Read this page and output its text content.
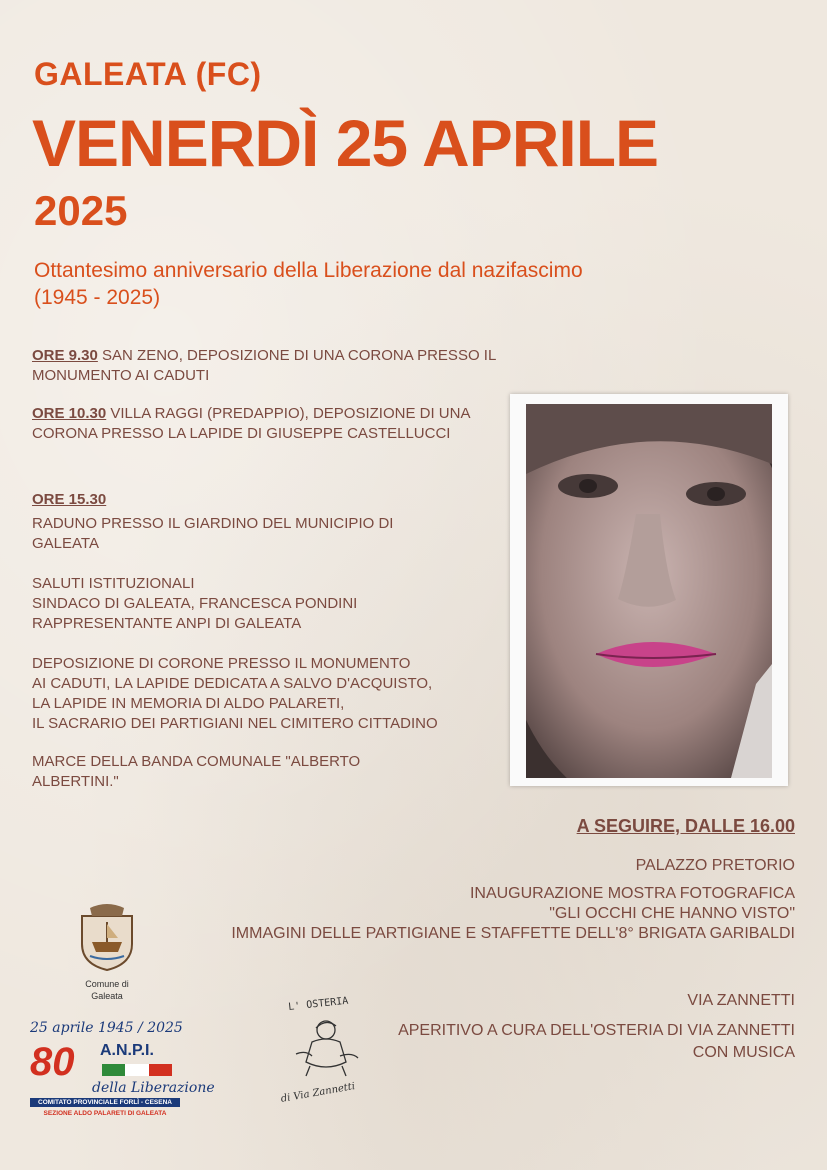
GALEATA (FC)
VENERDÌ 25 APRILE
2025
Ottantesimo anniversario della Liberazione dal nazifascimo
(1945 - 2025)
ORE 9.30 SAN ZENO, DEPOSIZIONE DI UNA CORONA PRESSO IL MONUMENTO AI CADUTI
ORE 10.30 VILLA RAGGI (PREDAPPIO), DEPOSIZIONE DI UNA CORONA PRESSO LA LAPIDE DI GIUSEPPE CASTELLUCCI
ORE 15.30
RADUNO PRESSO IL GIARDINO DEL MUNICIPIO DI GALEATA
SALUTI ISTITUZIONALI
SINDACO DI GALEATA, FRANCESCA PONDINI
RAPPRESENTANTE ANPI DI GALEATA
DEPOSIZIONE DI CORONE PRESSO IL MONUMENTO
AI CADUTI, LA LAPIDE DEDICATA A SALVO D'ACQUISTO,
LA LAPIDE IN MEMORIA DI ALDO PALARETI,
IL SACRARIO DEI PARTIGIANI NEL CIMITERO CITTADINO
MARCE DELLA BANDA COMUNALE "ALBERTO ALBERTINI."
A SEGUIRE, DALLE 16.00
PALAZZO PRETORIO
INAUGURAZIONE MOSTRA FOTOGRAFICA
"GLI OCCHI CHE HANNO VISTO"
IMMAGINI DELLE PARTIGIANE E STAFFETTE DELL'8° BRIGATA GARIBALDI
VIA ZANNETTI
APERITIVO A CURA DELL'OSTERIA DI VIA ZANNETTI
CON MUSICA
Comune di
Galeata
25 aprile 1945 / 2025
80 A.N.P.I.
della Liberazione
COMITATO PROVINCIALE FORLÌ - CESENA
SEZIONE ALDO PALARETI DI GALEATA
L' OSTERIA
di Via Zannetti
